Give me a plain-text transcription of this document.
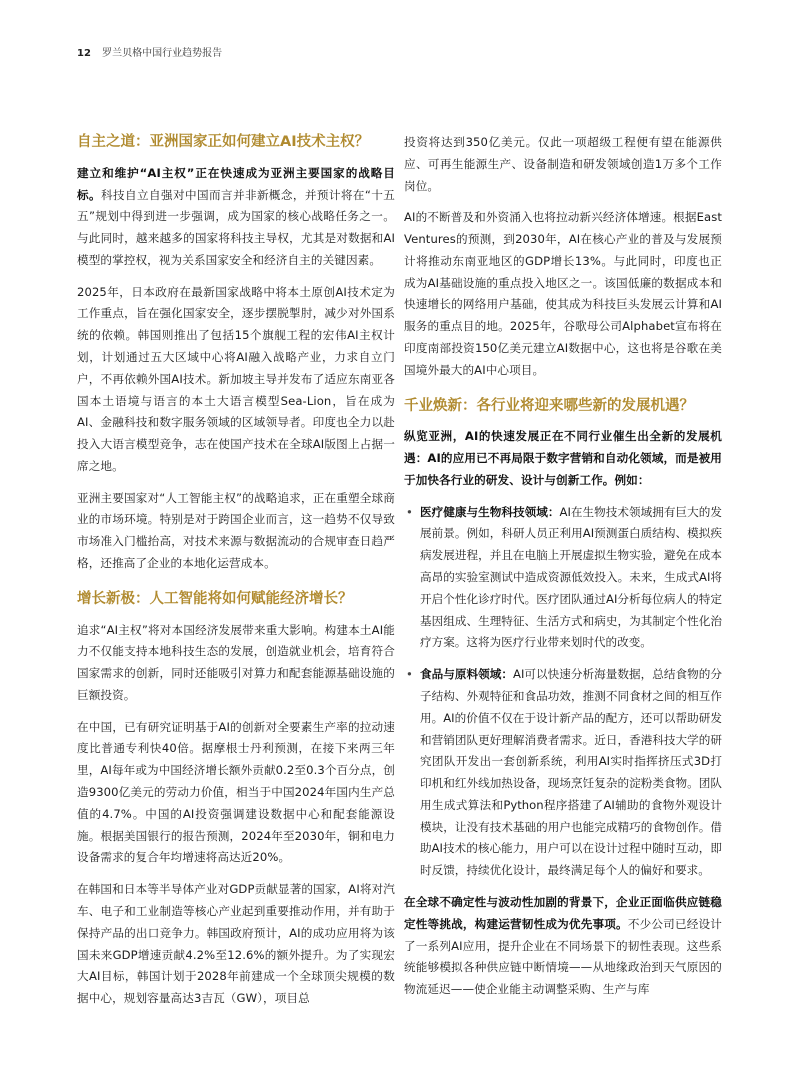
12 罗兰贝格中国行业趋势报告
自主之道：亚洲国家正如何建立AI技术主权？

建立和维护“AI主权”正在快速成为亚洲主要国家的战略目标。科技自立自强对中国而言并非新概念，并预计将在“十五五”规划中得到进一步强调，成为国家的核心战略任务之一。与此同时，越来越多的国家将科技主导权，尤其是对数据和AI模型的掌控权，视为关系国家安全和经济自主的关键因素。

2025年，日本政府在最新国家战略中将本土原创AI技术定为工作重点，旨在强化国家安全，逐步摆脱掣肘，减少对外国系统的依赖。韩国则推出了包括15个旗舰工程的宏伟AI主权计划，计划通过五大区域中心将AI融入战略产业，力求自立门户，不再依赖外国AI技术。新加坡主导并发布了适应东南亚各国本土语境与语言的本土大语言模型Sea-Lion，旨在成为AI、金融科技和数字服务领域的区域领导者。印度也全力以赴投入大语言模型竞争，志在使国产技术在全球AI版图上占据一席之地。

亚洲主要国家对“人工智能主权”的战略追求，正在重塑全球商业的市场环境。特别是对于跨国企业而言，这一趋势不仅导致市场准入门槛抬高，对技术来源与数据流动的合规审查日趋严格，还推高了企业的本地化运营成本。

增长新极：人工智能将如何赋能经济增长？

追求“AI主权”将对本国经济发展带来重大影响。构建本土AI能力不仅能支持本地科技生态的发展，创造就业机会，培育符合国家需求的创新，同时还能吸引对算力和配套能源基础设施的巨额投资。

在中国，已有研究证明基于AI的创新对全要素生产率的拉动速度比普通专利快40倍。据摩根士丹利预测，在接下来两三年里，AI每年或为中国经济增长额外贡献0.2至0.3个百分点，创造9300亿美元的劳动力价值，相当于中国2024年国内生产总值的4.7%。中国的AI投资强调建设数据中心和配套能源设施。根据美国银行的报告预测，2024年至2030年，铜和电力设备需求的复合年均增速将高达近20%。

在韩国和日本等半导体产业对GDP贡献显著的国家，AI将对汽车、电子和工业制造等核心产业起到重要推动作用，并有助于保持产品的出口竞争力。韩国政府预计，AI的成功应用将为该国未来GDP增速贡献4.2%至12.6%的额外提升。为了实现宏大AI目标，韩国计划于2028年前建成一个全球顶尖规模的数据中心，规划容量高达3吉瓦（GW），项目总

投资将达到350亿美元。仅此一项超级工程便有望在能源供应、可再生能源生产、设备制造和研发领域创造1万多个工作岗位。

AI的不断普及和外资涌入也将拉动新兴经济体增速。根据East Ventures的预测，到2030年，AI在核心产业的普及与发展预计将推动东南亚地区的GDP增长13%。与此同时，印度也正成为AI基础设施的重点投入地区之一。该国低廉的数据成本和快速增长的网络用户基础，使其成为科技巨头发展云计算和AI服务的重点目的地。2025年，谷歌母公司Alphabet宣布将在印度南部投资150亿美元建立AI数据中心，这也将是谷歌在美国境外最大的AI中心项目。

千业焕新：各行业将迎来哪些新的发展机遇？

纵览亚洲，AI的快速发展正在不同行业催生出全新的发展机遇：AI的应用已不再局限于数字营销和自动化领域，而是被用于加快各行业的研发、设计与创新工作。例如：

• 医疗健康与生物科技领域：AI在生物技术领域拥有巨大的发展前景。例如，科研人员正利用AI预测蛋白质结构、模拟疾病发展进程，并且在电脑上开展虚拟生物实验，避免在成本高昂的实验室测试中造成资源低效投入。未来，生成式AI将开启个性化诊疗时代。医疗团队通过AI分析每位病人的特定基因组成、生理特征、生活方式和病史，为其制定个性化治疗方案。这将为医疗行业带来划时代的改变。
• 食品与原料领域：AI可以快速分析海量数据，总结食物的分子结构、外观特征和食品功效，推测不同食材之间的相互作用。AI的价值不仅在于设计新产品的配方，还可以帮助研发和营销团队更好理解消费者需求。近日，香港科技大学的研究团队开发出一套创新系统，利用AI实时指挥挤压式3D打印机和红外线加热设备，现场烹饪复杂的淀粉类食物。团队用生成式算法和Python程序搭建了AI辅助的食物外观设计模块，让没有技术基础的用户也能完成精巧的食物创作。借助AI技术的核心能力，用户可以在设计过程中随时互动，即时反馈，持续优化设计，最终满足每个人的偏好和要求。

在全球不确定性与波动性加剧的背景下，企业正面临供应链稳定性等挑战，构建运营韧性成为优先事项。不少公司已经设计了一系列AI应用，提升企业在不同场景下的韧性表现。这些系统能够模拟各种供应链中断情境——从地缘政治到天气原因的物流延迟——使企业能主动调整采购、生产与库
